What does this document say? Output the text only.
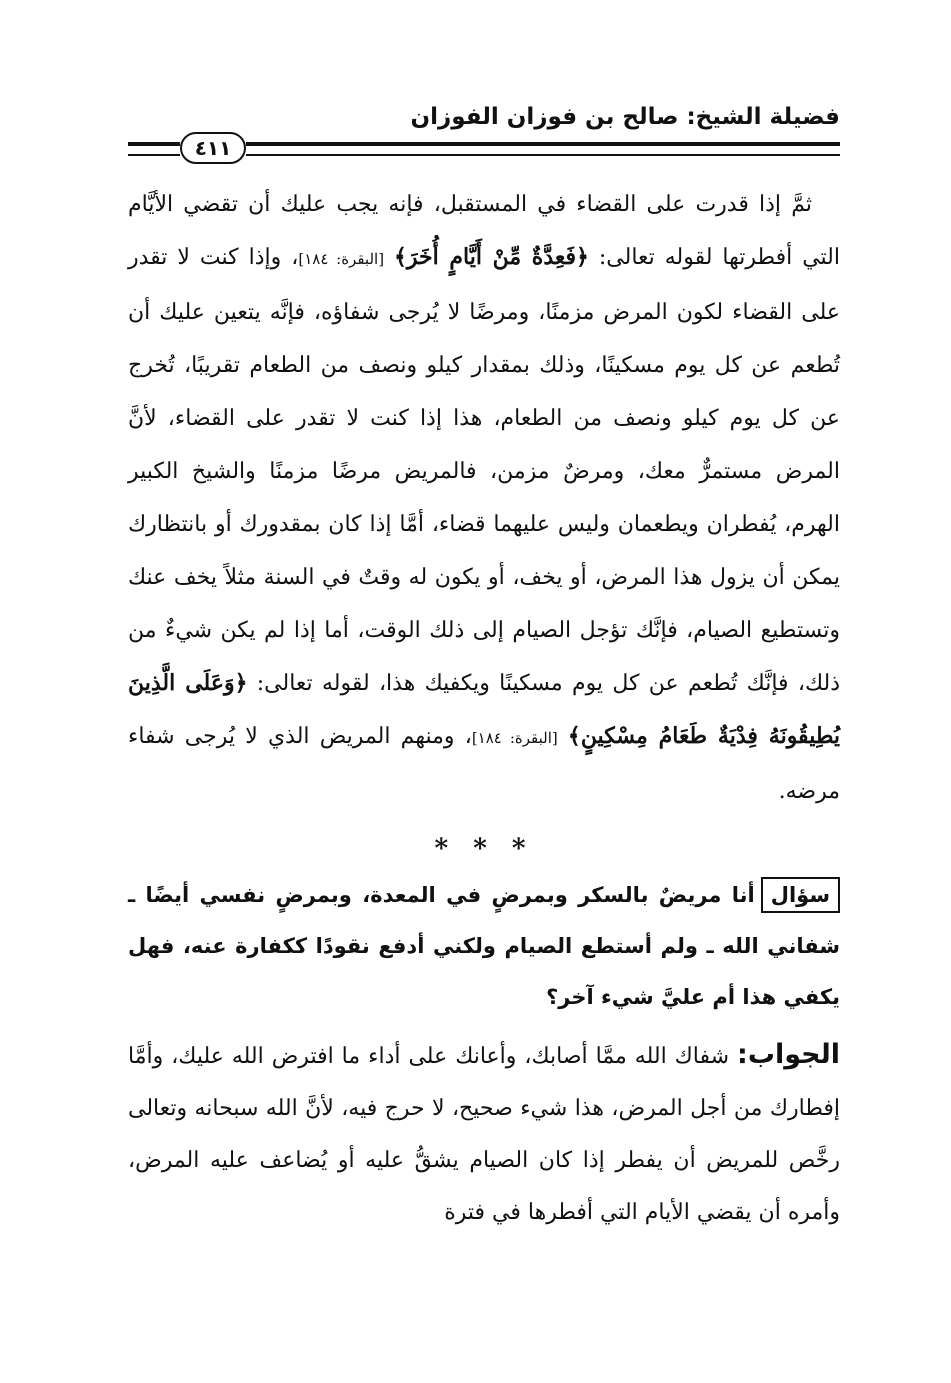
فضيلة الشيخ: صالح بن فوزان الفوزان
٤١١

ثمَّ إذا قدرت على القضاء في المستقبل، فإنه يجب عليك أن تقضي الأيَّام التي أفطرتها لقوله تعالى: ﴿فَعِدَّةٌ مِّنْ أَيَّامٍ أُخَرَ﴾ [البقرة: ١٨٤]، وإذا كنت لا تقدر على القضاء لكون المرض مزمنًا، ومرضًا لا يُرجى شفاؤه، فإنَّه يتعين عليك أن تُطعم عن كل يوم مسكينًا، وذلك بمقدار كيلو ونصف من الطعام تقريبًا، تُخرج عن كل يوم كيلو ونصف من الطعام، هذا إذا كنت لا تقدر على القضاء، لأنَّ المرض مستمرٌّ معك، ومرضٌ مزمن، فالمريض مرضًا مزمنًا والشيخ الكبير الهرم، يُفطران ويطعمان وليس عليهما قضاء، أمَّا إذا كان بمقدورك أو بانتظارك يمكن أن يزول هذا المرض، أو يخف، أو يكون له وقتٌ في السنة مثلاً يخف عنك وتستطيع الصيام، فإنَّك تؤجل الصيام إلى ذلك الوقت، أما إذا لم يكن شيءٌ من ذلك، فإنَّك تُطعم عن كل يوم مسكينًا ويكفيك هذا، لقوله تعالى: ﴿وَعَلَى الَّذِينَ يُطِيقُونَهُ فِدْيَةٌ طَعَامُ مِسْكِينٍ﴾ [البقرة: ١٨٤]، ومنهم المريض الذي لا يُرجى شفاء مرضه.

* * *

سؤالأنا مريضٌ بالسكر وبمرضٍ في المعدة، وبمرضٍ نفسي أيضًا ـ شفاني الله ـ ولم أستطع الصيام ولكني أدفع نقودًا ككفارة عنه، فهل يكفي هذا أم عليَّ شيء آخر؟

الجواب: شفاك الله ممَّا أصابك، وأعانك على أداء ما افترض الله عليك، وأمَّا إفطارك من أجل المرض، هذا شيء صحيح، لا حرج فيه، لأنَّ الله سبحانه وتعالى رخَّص للمريض أن يفطر إذا كان الصيام يشقُّ عليه أو يُضاعف عليه المرض، وأمره أن يقضي الأيام التي أفطرها في فترة
